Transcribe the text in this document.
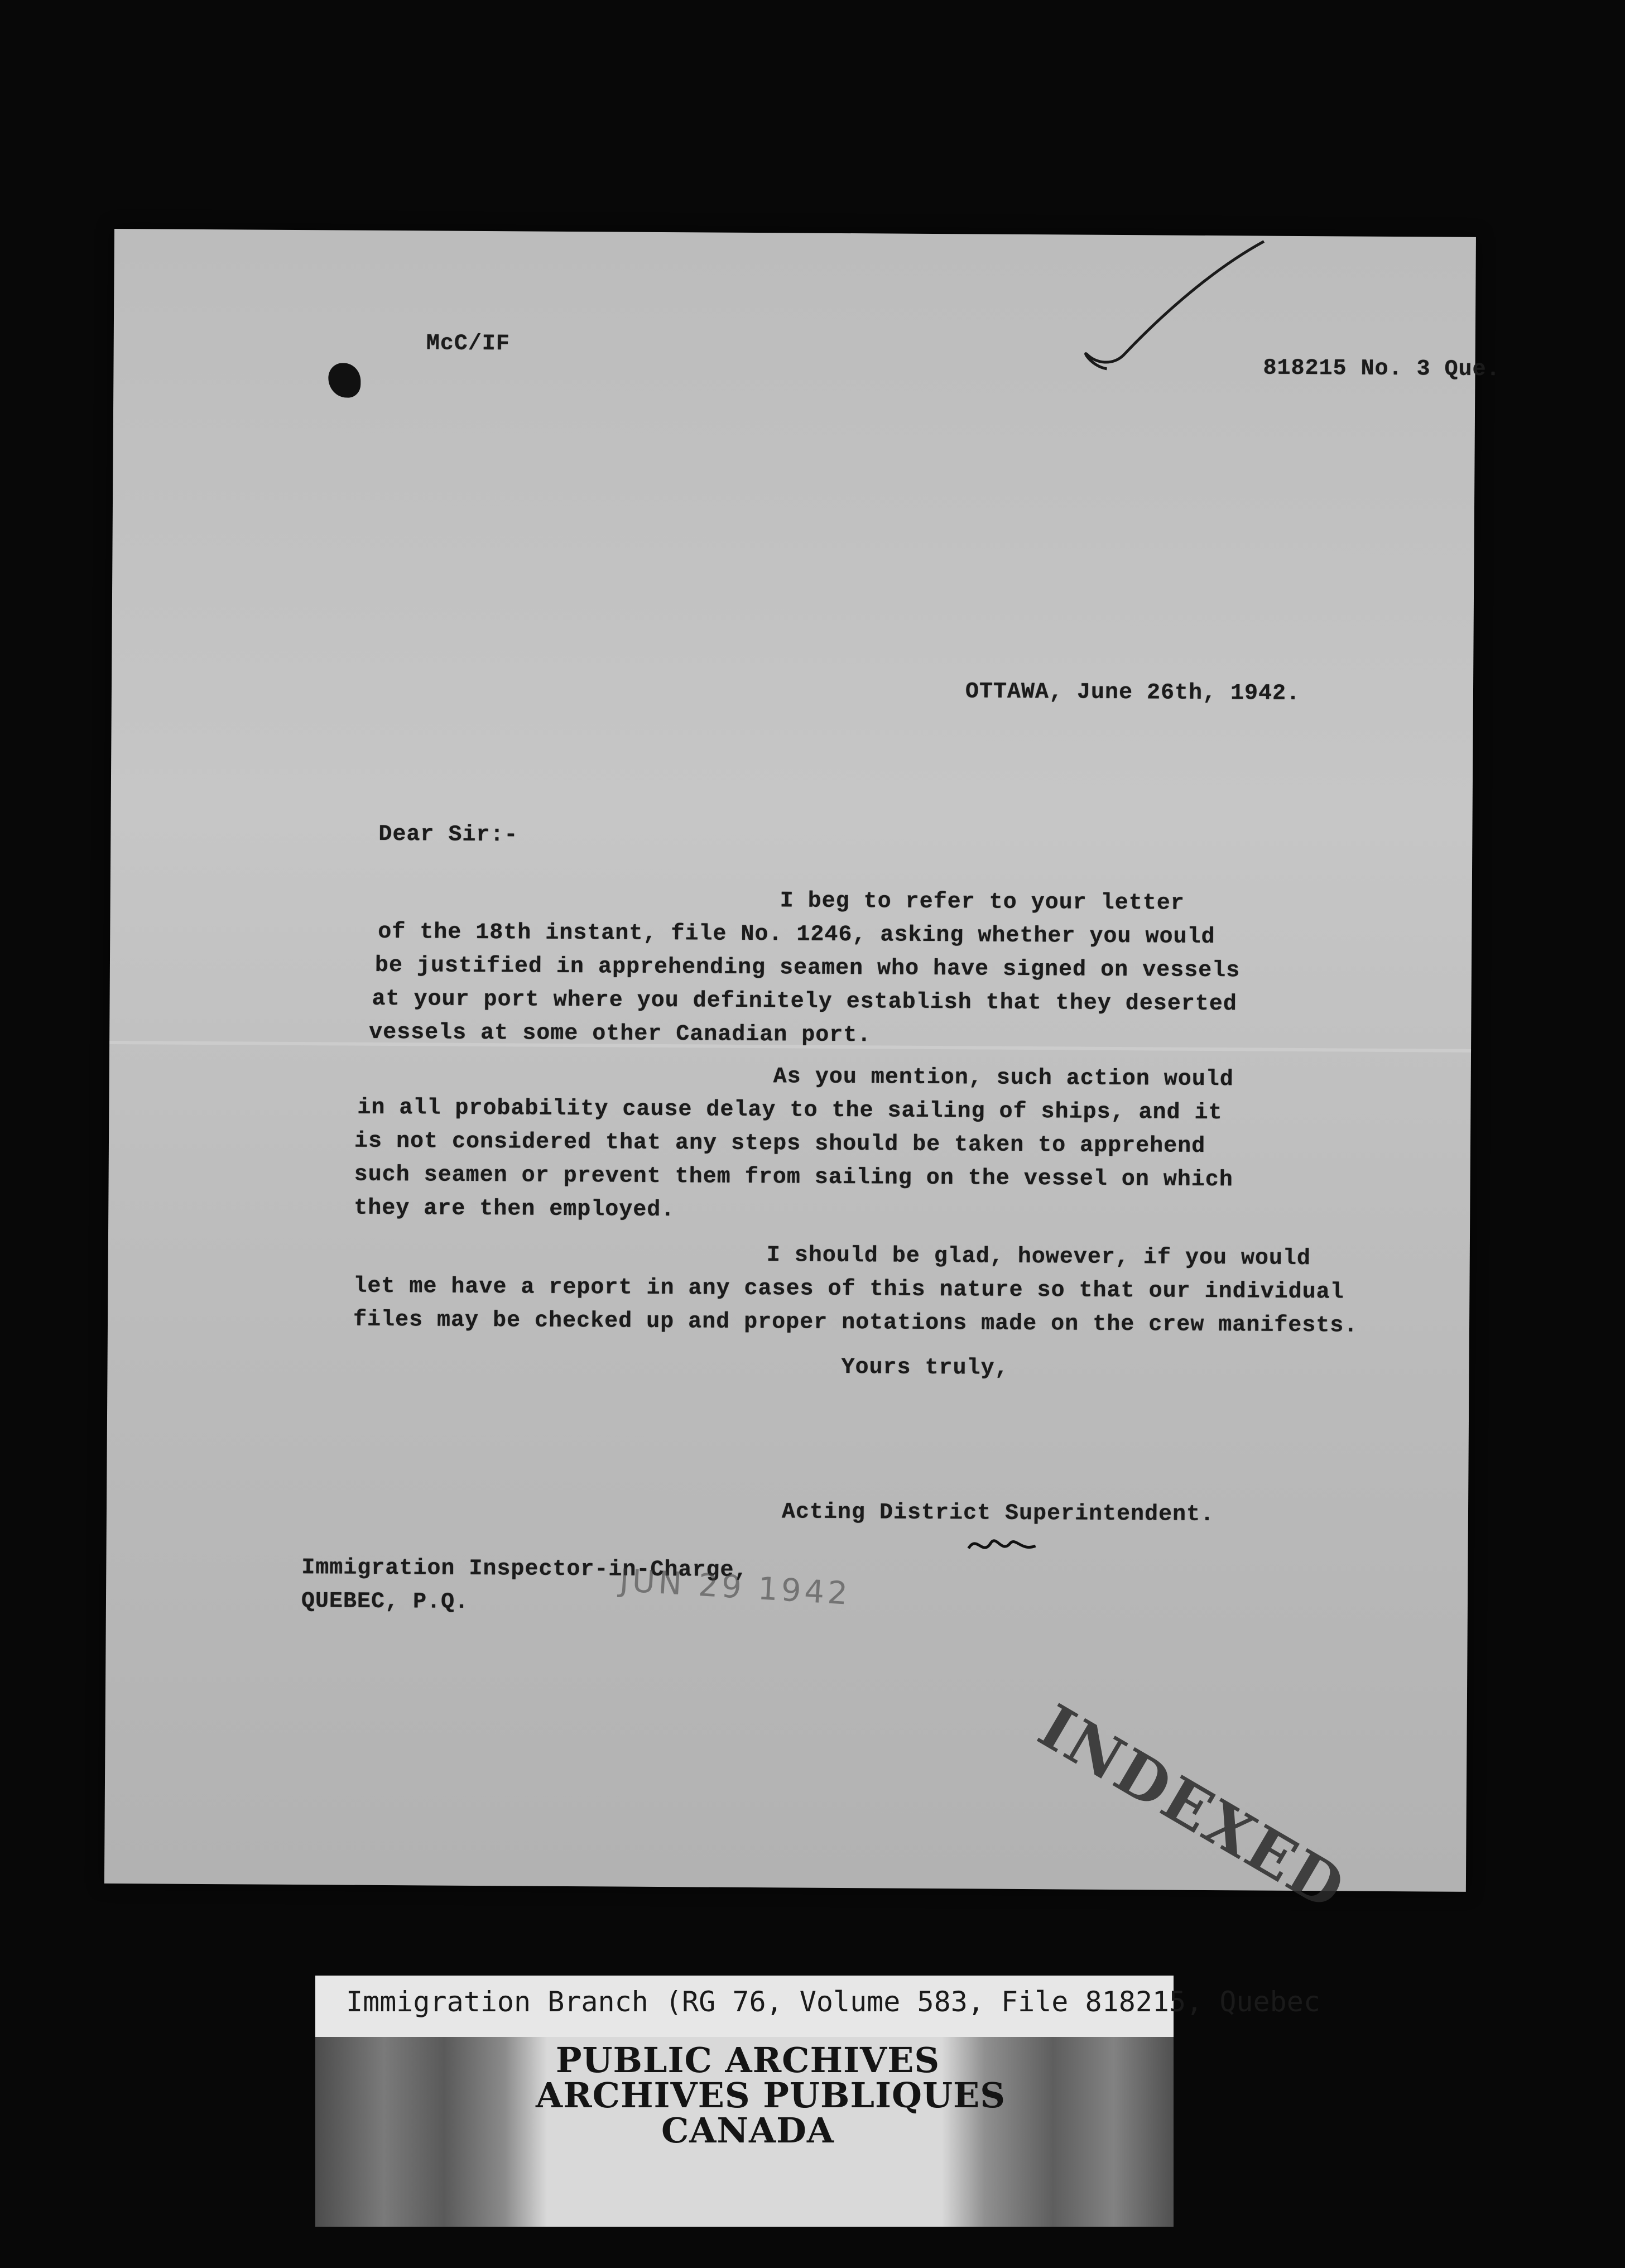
McC/IF
818215 No. 3 Que.
OTTAWA, June 26th, 1942.
Dear Sir:-
I beg to refer to your letter
of the 18th instant, file No. 1246, asking whether you would
be justified in apprehending seamen who have signed on vessels
at your port where you definitely establish that they deserted
vessels at some other Canadian port.
As you mention, such action would
in all probability cause delay to the sailing of ships, and it
is not considered that any steps should be taken to apprehend
such seamen or prevent them from sailing on the vessel on which
they are then employed.
I should be glad, however, if you would
let me have a report in any cases of this nature so that our individual
files may be checked up and proper notations made on the crew manifests.
Yours truly,
Acting District Superintendent.
Immigration Inspector-in-Charge,
QUEBEC, P.Q.	JUN 29 1942
INDEXED
Immigration Branch (RG 76, Volume 583, File 818215, Quebec
PUBLIC ARCHIVES
ARCHIVES PUBLIQUES
CANADA
